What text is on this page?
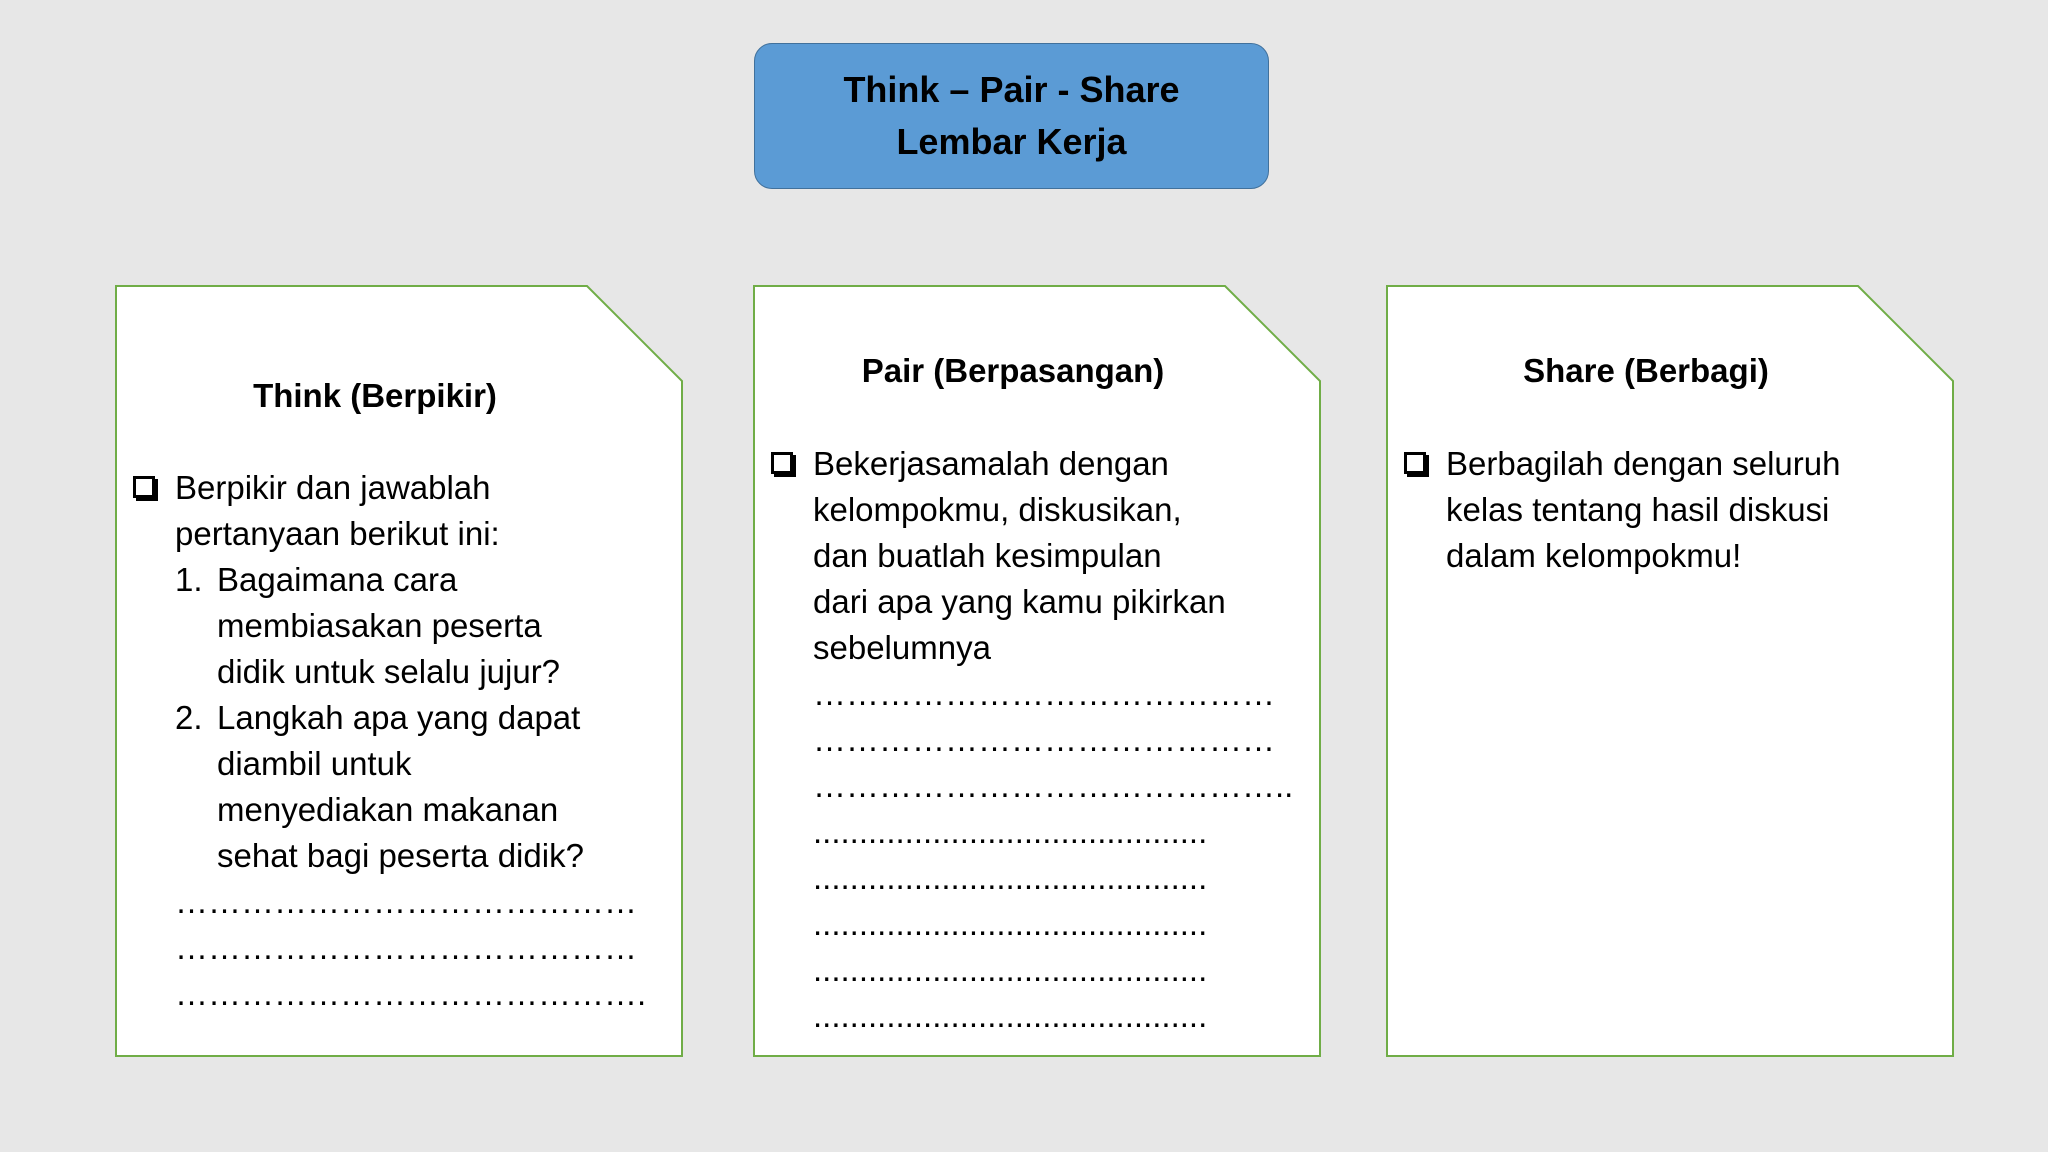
Think – Pair - Share
Lembar Kerja
Think (Berpikir)
Berpikir dan jawablah
pertanyaan berikut ini:
1. Bagaimana cara
membiasakan peserta
didik untuk selalu jujur?
2. Langkah apa yang dapat
diambil untuk
menyediakan makanan
sehat bagi peserta didik?
……………………………………
……………………………………
…………………………………….
Pair (Berpasangan)
Bekerjasamalah dengan
kelompokmu, diskusikan,
dan buatlah kesimpulan
dari apa yang kamu pikirkan
sebelumnya
……………………………………
……………………………………
……………………………………..
...........................................
...........................................
...........................................
...........................................
...........................................
Share (Berbagi)
Berbagilah dengan seluruh
kelas tentang hasil diskusi
dalam kelompokmu!
